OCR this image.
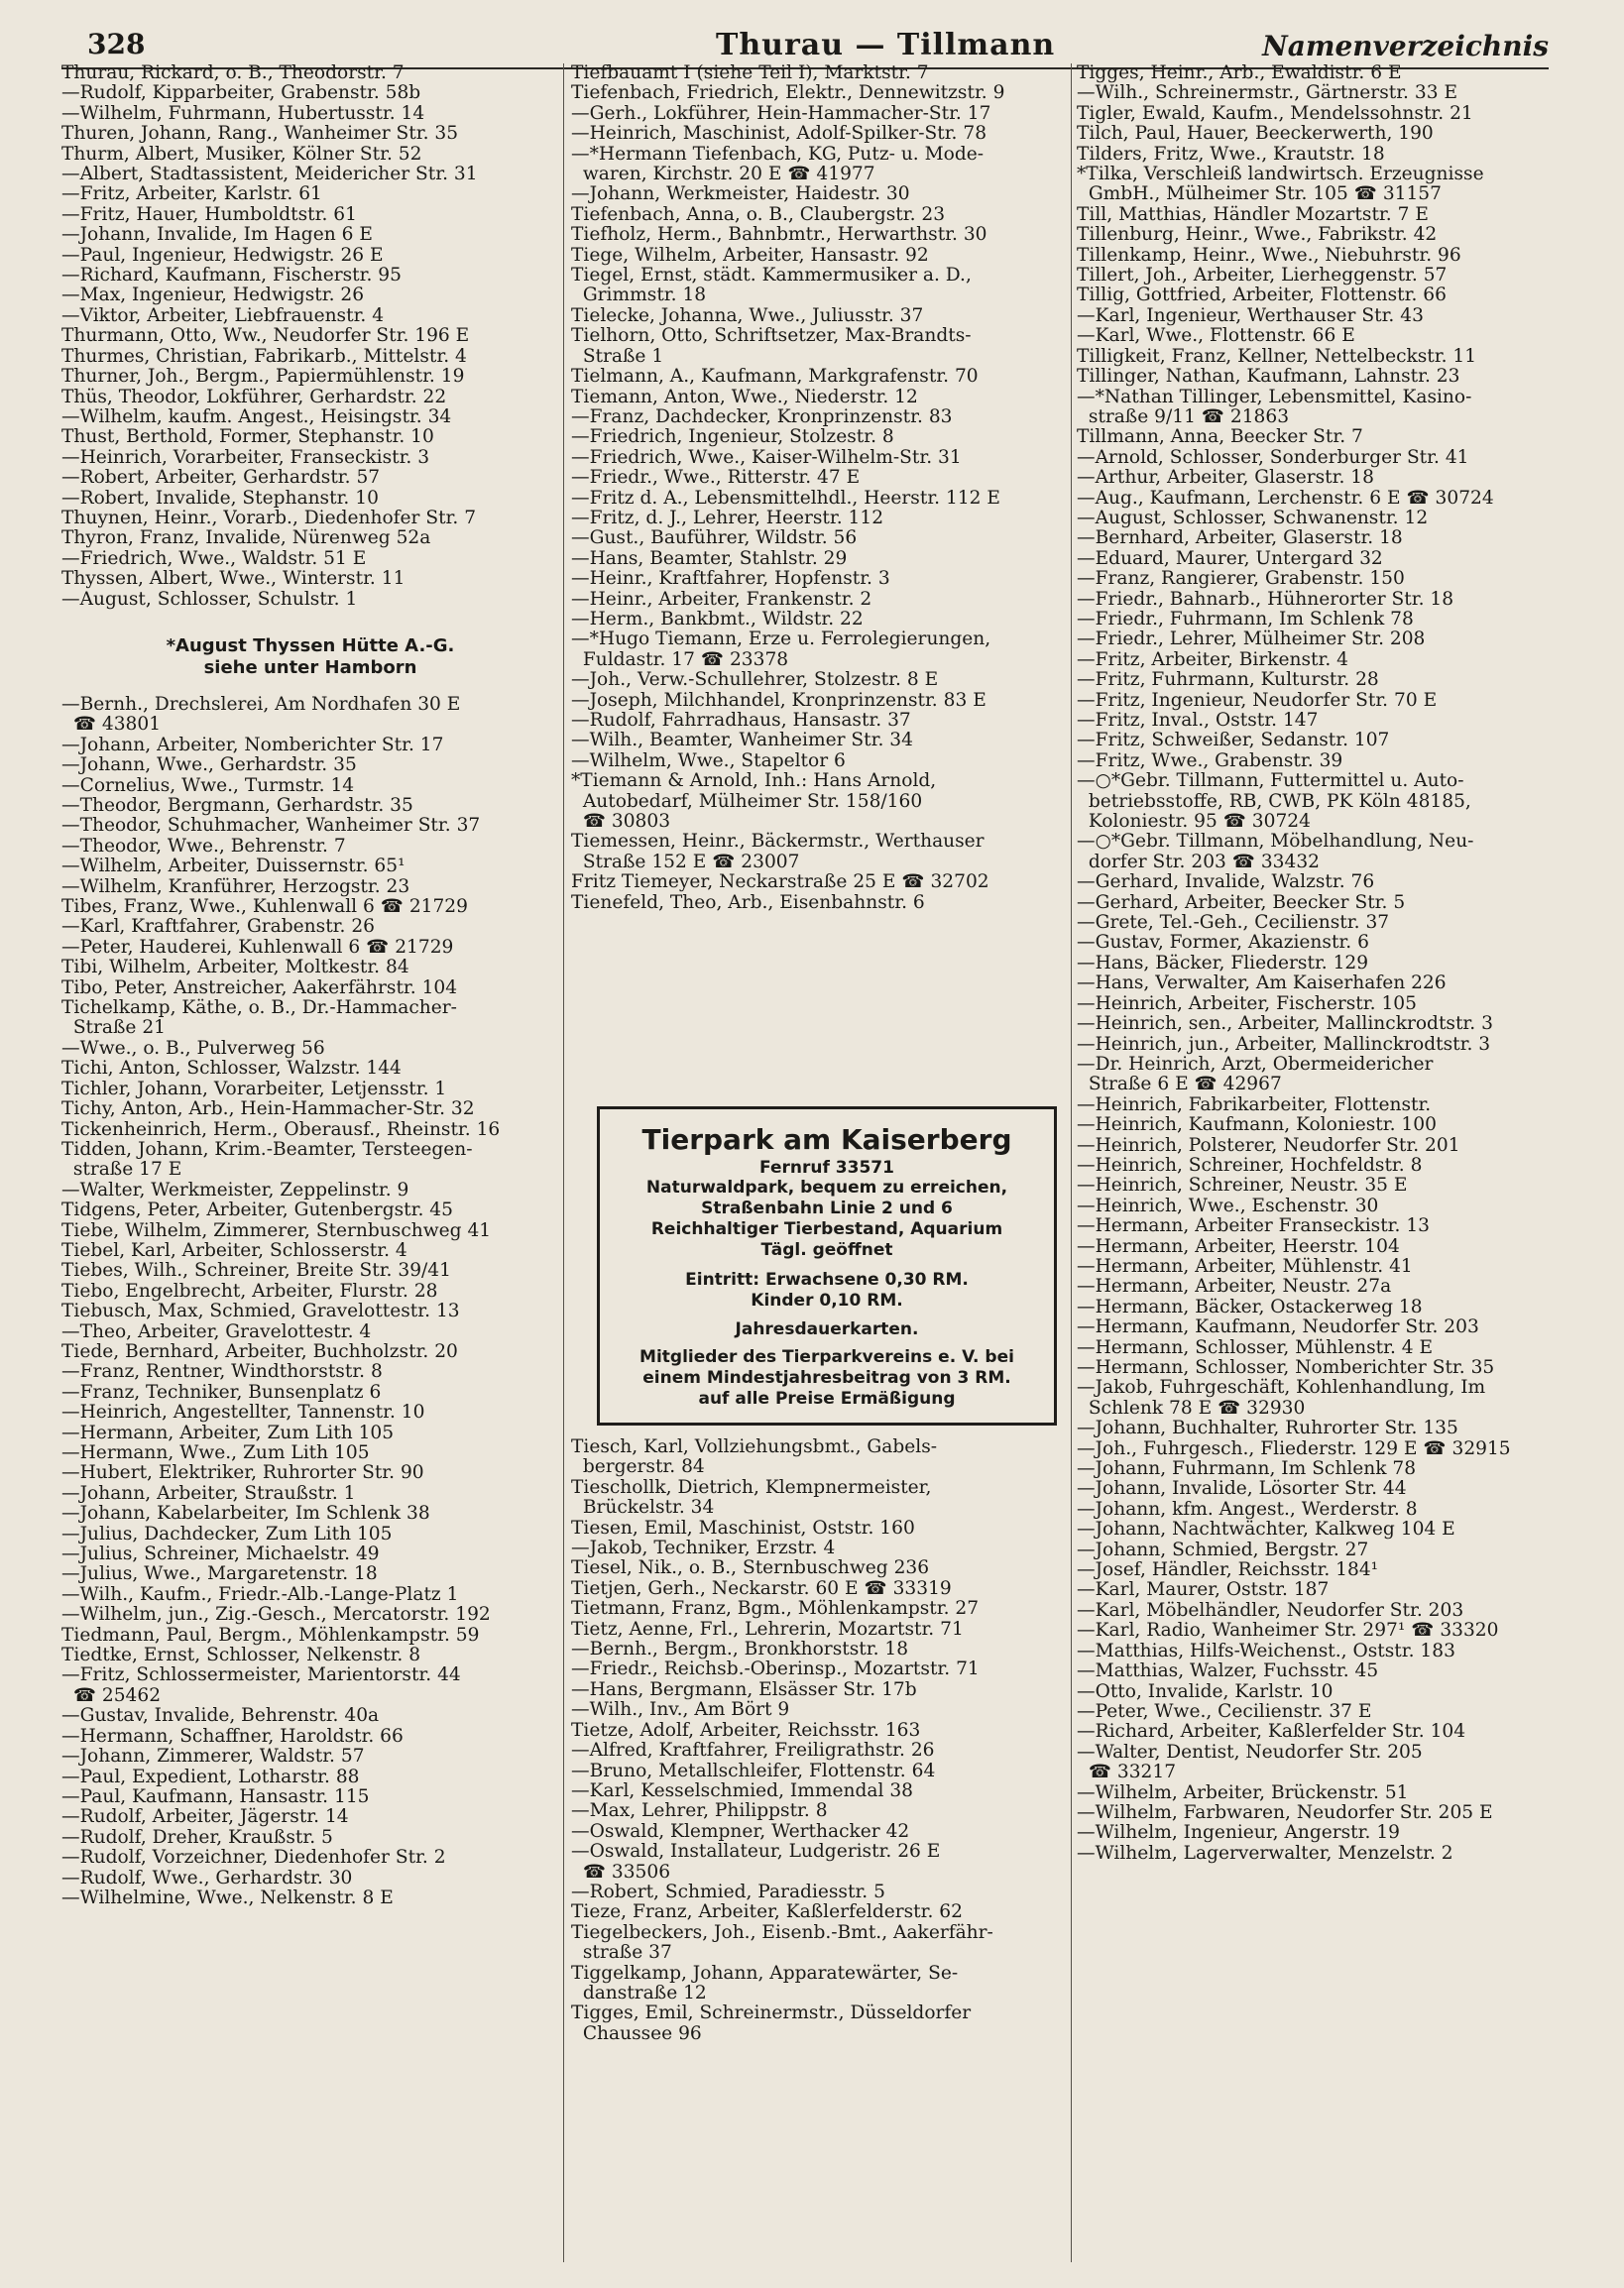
328	Thurau — Tillmann	Namenverzeichnis
Thurau, Rickard, o. B., Theodorstr. 7
—Rudolf, Kipparbeiter, Grabenstr. 58b
—Wilhelm, Fuhrmann, Hubertusstr. 14
Thuren, Johann, Rang., Wanheimer Str. 35
Thurm, Albert, Musiker, Kölner Str. 52
—Albert, Stadtassistent, Meidericher Str. 31
—Fritz, Arbeiter, Karlstr. 61
—Fritz, Hauer, Humboldtstr. 61
—Johann, Invalide, Im Hagen 6 E
—Paul, Ingenieur, Hedwigstr. 26 E
—Richard, Kaufmann, Fischerstr. 95
—Max, Ingenieur, Hedwigstr. 26
—Viktor, Arbeiter, Liebfrauenstr. 4
Thurmann, Otto, Ww., Neudorfer Str. 196 E
Thurmes, Christian, Fabrikarb., Mittelstr. 4
Thurner, Joh., Bergm., Papiermühlenstr. 19
Thüs, Theodor, Lokführer, Gerhardstr. 22
—Wilhelm, kaufm. Angest., Heisingstr. 34
Thust, Berthold, Former, Stephanstr. 10
—Heinrich, Vorarbeiter, Franseckistr. 3
—Robert, Arbeiter, Gerhardstr. 57
—Robert, Invalide, Stephanstr. 10
Thuynen, Heinr., Vorarb., Diedenhofer Str. 7
Thyron, Franz, Invalide, Nürenweg 52a
—Friedrich, Wwe., Waldstr. 51 E
Thyssen, Albert, Wwe., Winterstr. 11
—August, Schlosser, Schulstr. 1
*August Thyssen Hütte A.-G.
siehe unter Hamborn
—Bernh., Drechslerei, Am Nordhafen 30 E
☎ 43801
—Johann, Arbeiter, Nomberichter Str. 17
—Johann, Wwe., Gerhardstr. 35
—Cornelius, Wwe., Turmstr. 14
—Theodor, Bergmann, Gerhardstr. 35
—Theodor, Schuhmacher, Wanheimer Str. 37
—Theodor, Wwe., Behrenstr. 7
—Wilhelm, Arbeiter, Duissernstr. 65¹
—Wilhelm, Kranführer, Herzogstr. 23
Tibes, Franz, Wwe., Kuhlenwall 6 ☎ 21729
—Karl, Kraftfahrer, Grabenstr. 26
—Peter, Hauderei, Kuhlenwall 6 ☎ 21729
Tibi, Wilhelm, Arbeiter, Moltkestr. 84
Tibo, Peter, Anstreicher, Aakerfährstr. 104
Tichelkamp, Käthe, o. B., Dr.-Hammacher-
Straße 21
—Wwe., o. B., Pulverweg 56
Tichi, Anton, Schlosser, Walzstr. 144
Tichler, Johann, Vorarbeiter, Letjensstr. 1
Tichy, Anton, Arb., Hein-Hammacher-Str. 32
Tickenheinrich, Herm., Oberausf., Rheinstr. 16
Tidden, Johann, Krim.-Beamter, Tersteegen-
straße 17 E
—Walter, Werkmeister, Zeppelinstr. 9
Tidgens, Peter, Arbeiter, Gutenbergstr. 45
Tiebe, Wilhelm, Zimmerer, Sternbuschweg 41
Tiebel, Karl, Arbeiter, Schlosserstr. 4
Tiebes, Wilh., Schreiner, Breite Str. 39/41
Tiebo, Engelbrecht, Arbeiter, Flurstr. 28
Tiebusch, Max, Schmied, Gravelottestr. 13
—Theo, Arbeiter, Gravelottestr. 4
Tiede, Bernhard, Arbeiter, Buchholzstr. 20
—Franz, Rentner, Windthorststr. 8
—Franz, Techniker, Bunsenplatz 6
—Heinrich, Angestellter, Tannenstr. 10
—Hermann, Arbeiter, Zum Lith 105
—Hermann, Wwe., Zum Lith 105
—Hubert, Elektriker, Ruhrorter Str. 90
—Johann, Arbeiter, Straußstr. 1
—Johann, Kabelarbeiter, Im Schlenk 38
—Julius, Dachdecker, Zum Lith 105
—Julius, Schreiner, Michaelstr. 49
—Julius, Wwe., Margaretenstr. 18
—Wilh., Kaufm., Friedr.-Alb.-Lange-Platz 1
—Wilhelm, jun., Zig.-Gesch., Mercatorstr. 192
Tiedmann, Paul, Bergm., Möhlenkampstr. 59
Tiedtke, Ernst, Schlosser, Nelkenstr. 8
—Fritz, Schlossermeister, Marientorstr. 44
☎ 25462
—Gustav, Invalide, Behrenstr. 40a
—Hermann, Schaffner, Haroldstr. 66
—Johann, Zimmerer, Waldstr. 57
—Paul, Expedient, Lotharstr. 88
—Paul, Kaufmann, Hansastr. 115
—Rudolf, Arbeiter, Jägerstr. 14
—Rudolf, Dreher, Kraußstr. 5
—Rudolf, Vorzeichner, Diedenhofer Str. 2
—Rudolf, Wwe., Gerhardstr. 30
—Wilhelmine, Wwe., Nelkenstr. 8 E
Tiefbauamt I (siehe Teil I), Marktstr. 7
Tiefenbach, Friedrich, Elektr., Dennewitzstr. 9
—Gerh., Lokführer, Hein-Hammacher-Str. 17
—Heinrich, Maschinist, Adolf-Spilker-Str. 78
—*Hermann Tiefenbach, KG, Putz- u. Mode-
waren, Kirchstr. 20 E ☎ 41977
—Johann, Werkmeister, Haidestr. 30
Tiefenbach, Anna, o. B., Claubergstr. 23
Tiefholz, Herm., Bahnbmtr., Herwarthstr. 30
Tiege, Wilhelm, Arbeiter, Hansastr. 92
Tiegel, Ernst, städt. Kammermusiker a. D.,
Grimmstr. 18
Tielecke, Johanna, Wwe., Juliusstr. 37
Tielhorn, Otto, Schriftsetzer, Max-Brandts-
Straße 1
Tielmann, A., Kaufmann, Markgrafenstr. 70
Tiemann, Anton, Wwe., Niederstr. 12
—Franz, Dachdecker, Kronprinzenstr. 83
—Friedrich, Ingenieur, Stolzestr. 8
—Friedrich, Wwe., Kaiser-Wilhelm-Str. 31
—Friedr., Wwe., Ritterstr. 47 E
—Fritz d. A., Lebensmittelhdl., Heerstr. 112 E
—Fritz, d. J., Lehrer, Heerstr. 112
—Gust., Bauführer, Wildstr. 56
—Hans, Beamter, Stahlstr. 29
—Heinr., Kraftfahrer, Hopfenstr. 3
—Heinr., Arbeiter, Frankenstr. 2
—Herm., Bankbmt., Wildstr. 22
—*Hugo Tiemann, Erze u. Ferrolegierungen,
Fuldastr. 17 ☎ 23378
—Joh., Verw.-Schullehrer, Stolzestr. 8 E
—Joseph, Milchhandel, Kronprinzenstr. 83 E
—Rudolf, Fahrradhaus, Hansastr. 37
—Wilh., Beamter, Wanheimer Str. 34
—Wilhelm, Wwe., Stapeltor 6
*Tiemann & Arnold, Inh.: Hans Arnold,
Autobedarf, Mülheimer Str. 158/160
☎ 30803
Tiemessen, Heinr., Bäckermstr., Werthauser
Straße 152 E ☎ 23007
Fritz Tiemeyer, Neckarstraße 25 E ☎ 32702
Tienefeld, Theo, Arb., Eisenbahnstr. 6
Tierpark am Kaiserberg
Fernruf 33571
Naturwaldpark, bequem zu erreichen,
Straßenbahn Linie 2 und 6
Reichhaltiger Tierbestand, Aquarium
Tägl. geöffnet
Eintritt: Erwachsene 0,30 RM.
Kinder 0,10 RM.
Jahresdauerkarten.
Mitglieder des Tierparkvereins e. V. bei
einem Mindestjahresbeitrag von 3 RM.
auf alle Preise Ermäßigung
Tiesch, Karl, Vollziehungsbmt., Gabels-
bergerstr. 84
Tieschollk, Dietrich, Klempnermeister,
Brückelstr. 34
Tiesen, Emil, Maschinist, Oststr. 160
—Jakob, Techniker, Erzstr. 4
Tiesel, Nik., o. B., Sternbuschweg 236
Tietjen, Gerh., Neckarstr. 60 E ☎ 33319
Tietmann, Franz, Bgm., Möhlenkampstr. 27
Tietz, Aenne, Frl., Lehrerin, Mozartstr. 71
—Bernh., Bergm., Bronkhorststr. 18
—Friedr., Reichsb.-Oberinsp., Mozartstr. 71
—Hans, Bergmann, Elsässer Str. 17b
—Wilh., Inv., Am Bört 9
Tietze, Adolf, Arbeiter, Reichsstr. 163
—Alfred, Kraftfahrer, Freiligrathstr. 26
—Bruno, Metallschleifer, Flottenstr. 64
—Karl, Kesselschmied, Immendal 38
—Max, Lehrer, Philippstr. 8
—Oswald, Klempner, Werthacker 42
—Oswald, Installateur, Ludgeristr. 26 E
☎ 33506
—Robert, Schmied, Paradiesstr. 5
Tieze, Franz, Arbeiter, Kaßlerfelderstr. 62
Tiegelbeckers, Joh., Eisenb.-Bmt., Aakerfähr-
straße 37
Tiggelkamp, Johann, Apparatewärter, Se-
danstraße 12
Tigges, Emil, Schreinermstr., Düsseldorfer
Chaussee 96
Tigges, Heinr., Arb., Ewaldistr. 6 E
—Wilh., Schreinermstr., Gärtnerstr. 33 E
Tigler, Ewald, Kaufm., Mendelssohnstr. 21
Tilch, Paul, Hauer, Beeckerwerth, 190
Tilders, Fritz, Wwe., Krautstr. 18
*Tilka, Verschleiß landwirtsch. Erzeugnisse
GmbH., Mülheimer Str. 105 ☎ 31157
Till, Matthias, Händler Mozartstr. 7 E
Tillenburg, Heinr., Wwe., Fabrikstr. 42
Tillenkamp, Heinr., Wwe., Niebuhrstr. 96
Tillert, Joh., Arbeiter, Lierheggenstr. 57
Tillig, Gottfried, Arbeiter, Flottenstr. 66
—Karl, Ingenieur, Werthauser Str. 43
—Karl, Wwe., Flottenstr. 66 E
Tilligkeit, Franz, Kellner, Nettelbeckstr. 11
Tillinger, Nathan, Kaufmann, Lahnstr. 23
—*Nathan Tillinger, Lebensmittel, Kasino-
straße 9/11 ☎ 21863
Tillmann, Anna, Beecker Str. 7
—Arnold, Schlosser, Sonderburger Str. 41
—Arthur, Arbeiter, Glaserstr. 18
—Aug., Kaufmann, Lerchenstr. 6 E ☎ 30724
—August, Schlosser, Schwanenstr. 12
—Bernhard, Arbeiter, Glaserstr. 18
—Eduard, Maurer, Untergard 32
—Franz, Rangierer, Grabenstr. 150
—Friedr., Bahnarb., Hühnerorter Str. 18
—Friedr., Fuhrmann, Im Schlenk 78
—Friedr., Lehrer, Mülheimer Str. 208
—Fritz, Arbeiter, Birkenstr. 4
—Fritz, Fuhrmann, Kulturstr. 28
—Fritz, Ingenieur, Neudorfer Str. 70 E
—Fritz, Inval., Oststr. 147
—Fritz, Schweißer, Sedanstr. 107
—Fritz, Wwe., Grabenstr. 39
—○*Gebr. Tillmann, Futtermittel u. Auto-
betriebsstoffe, RB, CWB, PK Köln 48185,
Koloniestr. 95 ☎ 30724
—○*Gebr. Tillmann, Möbelhandlung, Neu-
dorfer Str. 203 ☎ 33432
—Gerhard, Invalide, Walzstr. 76
—Gerhard, Arbeiter, Beecker Str. 5
—Grete, Tel.-Geh., Cecilienstr. 37
—Gustav, Former, Akazienstr. 6
—Hans, Bäcker, Fliederstr. 129
—Hans, Verwalter, Am Kaiserhafen 226
—Heinrich, Arbeiter, Fischerstr. 105
—Heinrich, sen., Arbeiter, Mallinckrodtstr. 3
—Heinrich, jun., Arbeiter, Mallinckrodtstr. 3
—Dr. Heinrich, Arzt, Obermeidericher
Straße 6 E ☎ 42967
—Heinrich, Fabrikarbeiter, Flottenstr.
—Heinrich, Kaufmann, Koloniestr. 100
—Heinrich, Polsterer, Neudorfer Str. 201
—Heinrich, Schreiner, Hochfeldstr. 8
—Heinrich, Schreiner, Neustr. 35 E
—Heinrich, Wwe., Eschenstr. 30
—Hermann, Arbeiter Franseckistr. 13
—Hermann, Arbeiter, Heerstr. 104
—Hermann, Arbeiter, Mühlenstr. 41
—Hermann, Arbeiter, Neustr. 27a
—Hermann, Bäcker, Ostackerweg 18
—Hermann, Kaufmann, Neudorfer Str. 203
—Hermann, Schlosser, Mühlenstr. 4 E
—Hermann, Schlosser, Nomberichter Str. 35
—Jakob, Fuhrgeschäft, Kohlenhandlung, Im
Schlenk 78 E ☎ 32930
—Johann, Buchhalter, Ruhrorter Str. 135
—Joh., Fuhrgesch., Fliederstr. 129 E ☎ 32915
—Johann, Fuhrmann, Im Schlenk 78
—Johann, Invalide, Lösorter Str. 44
—Johann, kfm. Angest., Werderstr. 8
—Johann, Nachtwächter, Kalkweg 104 E
—Johann, Schmied, Bergstr. 27
—Josef, Händler, Reichsstr. 184¹
—Karl, Maurer, Oststr. 187
—Karl, Möbelhändler, Neudorfer Str. 203
—Karl, Radio, Wanheimer Str. 297¹ ☎ 33320
—Matthias, Hilfs-Weichenst., Oststr. 183
—Matthias, Walzer, Fuchsstr. 45
—Otto, Invalide, Karlstr. 10
—Peter, Wwe., Cecilienstr. 37 E
—Richard, Arbeiter, Kaßlerfelder Str. 104
—Walter, Dentist, Neudorfer Str. 205
☎ 33217
—Wilhelm, Arbeiter, Brückenstr. 51
—Wilhelm, Farbwaren, Neudorfer Str. 205 E
—Wilhelm, Ingenieur, Angerstr. 19
—Wilhelm, Lagerverwalter, Menzelstr. 2
